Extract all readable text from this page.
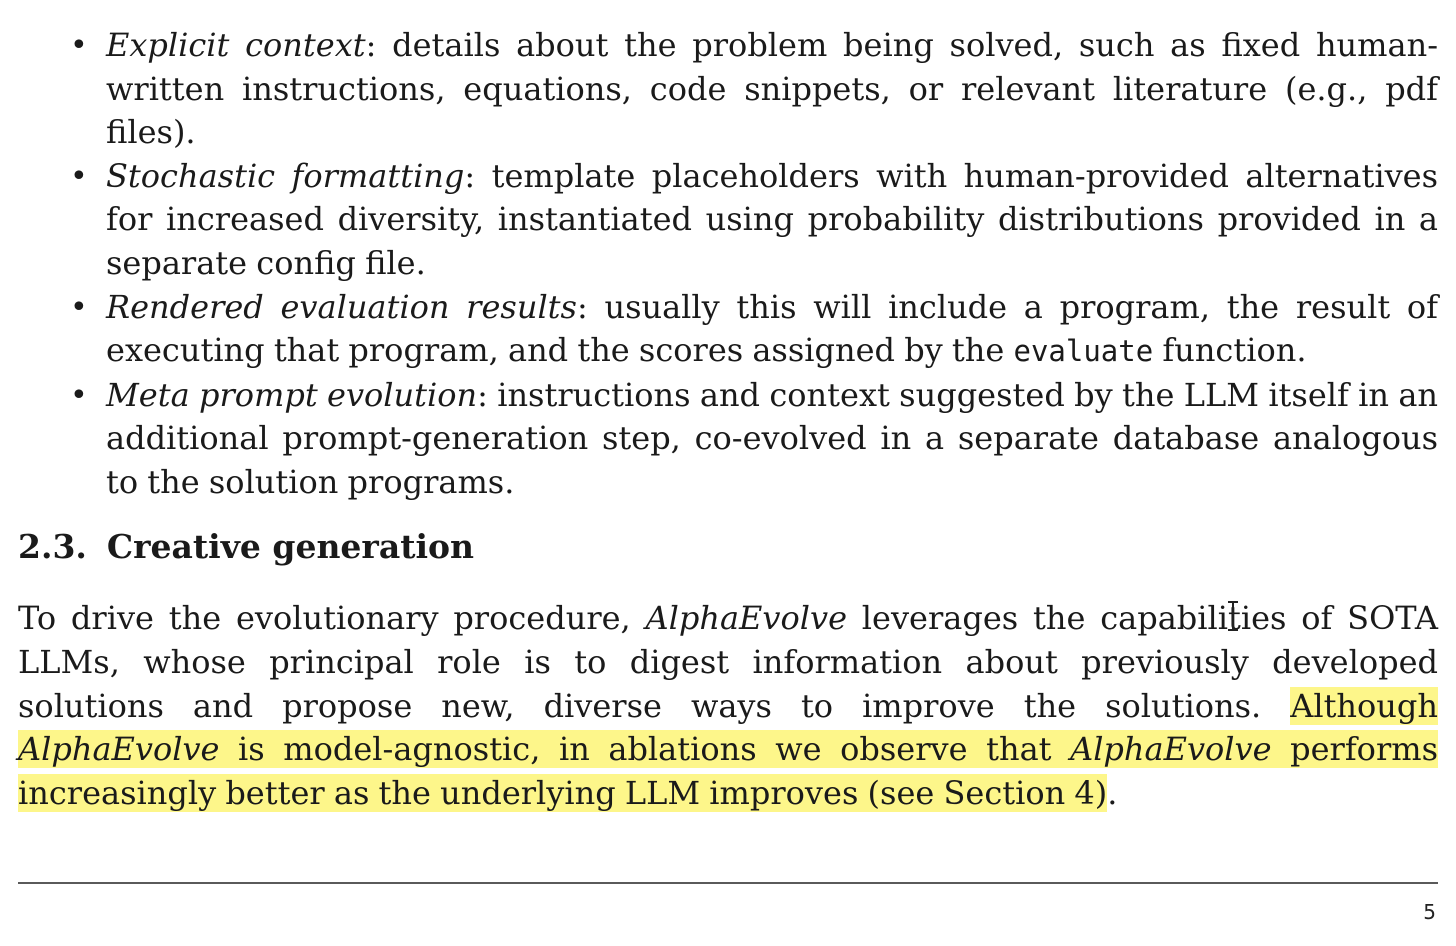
• Explicit context: details about the problem being solved, such as fixed human-written instructions, equations, code snippets, or relevant literature (e.g., pdf files).
• Stochastic formatting: template placeholders with human-provided alternatives for increased diversity, instantiated using probability distributions provided in a separate config file.
• Rendered evaluation results: usually this will include a program, the result of executing that program, and the scores assigned by the evaluate function.
• Meta prompt evolution: instructions and context suggested by the LLM itself in an additional prompt-generation step, co-evolved in a separate database analogous to the solution programs.
2.3. Creative generation

To drive the evolutionary procedure, AlphaEvolve leverages the capabilities of SOTA LLMs, whose principal role is to digest information about previously developed solutions and propose new, diverse ways to improve the solutions. Although AlphaEvolve is model-agnostic, in ablations we observe that AlphaEvolve performs increasingly better as the underlying LLM improves (see Section 4).

5
